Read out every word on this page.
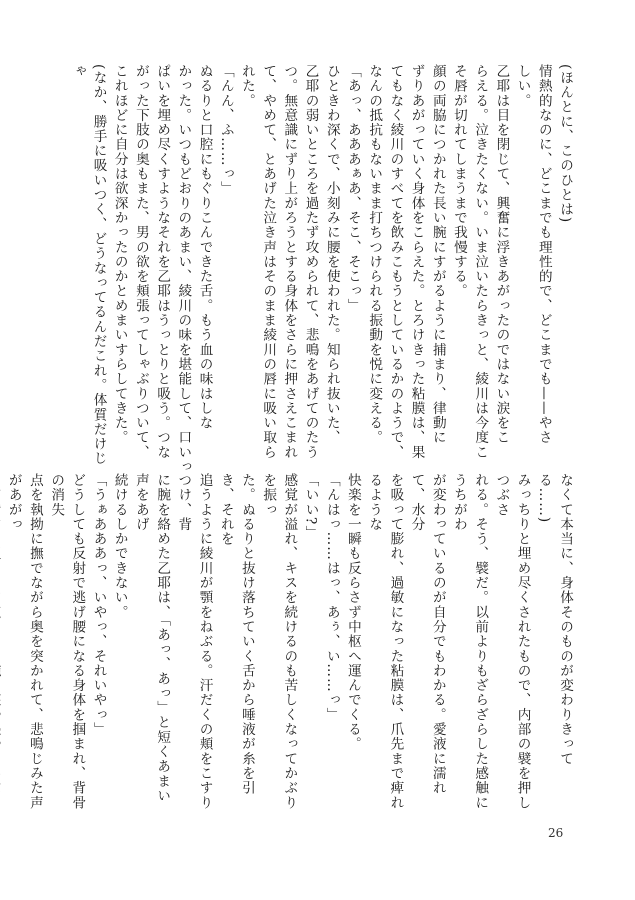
(ほんとに、このひとは)
情熱的なのに、どこまでも理性的で、どこまでも——やさ
しい。
乙耶は目を閉じて、興奮に浮きあがったのではない涙をこ
らえる。泣きたくない。いま泣いたらきっと、綾川は今度こ
そ唇が切れてしまうまで我慢する。
顔の両脇につかれた長い腕にすがるように捕まり、律動に
ずりあがっていく身体をこらえた。とろけきった粘膜は、果
てもなく綾川のすべてを飲みこもうとしているかのようで、
なんの抵抗もないまま打ちつけられる振動を悦に変える。
「あっ、あああぁあ、そこ、そこっ」
ひときわ深くで、小刻みに腰を使われた。知られ抜いた、
乙耶の弱いところを過たず攻められて、悲鳴をあげてのたう
つ。無意識にずり上がろうとする身体をさらに押さえこまれ
て、やめて、とあげた泣き声はそのまま綾川の唇に吸い取ら
れた。
「んん、ふ……っ」
ぬるりと口腔にもぐりこんできた舌。もう血の味はしな
かった。いつもどおりのあまい、綾川の味を堪能して、口いっ
ぱいを埋め尽くすようなそれを乙耶はうっとりと吸う。つな
がった下肢の奥もまた、男の欲を頬張ってしゃぶりついて、
これほどに自分は欲深かったのかとめまいすらしてきた。
(なか、勝手に吸いつく、どうなってるんだこれ。体質だけじゃ
なくて本当に、身体そのものが変わりきってる……)
みっちりと埋め尽くされたもので、内部の襞を押しつぶさ
れる。そう、襞だ。以前よりもざらざらした感触にうちがわ
が変わっているのが自分でもわかる。愛液に濡れて、水分
を吸って膨れ、過敏になった粘膜は、爪先まで痺れるような
快楽を一瞬も反らさず中枢へ運んでくる。
「んはっ……はっ、あぅ、い……っ」
「いい?」
感覚が溢れ、キスを続けるのも苦しくなってかぶりを振っ
た。ぬるりと抜け落ちていく舌から唾液が糸を引き、それを
追うように綾川が顎をねぶる。汗だくの頬をこすりつけ、背
に腕を絡めた乙耶は、「あっ、あっ」と短くあまい声をあげ
続けるしかできない。
「うぁあああっ、いやっ、それいやっ」
どうしても反射で逃げ腰になる身体を掴まれ、背骨の消失
点を執拗に撫でながら奥を突かれて、悲鳴じみた声があがっ
26
